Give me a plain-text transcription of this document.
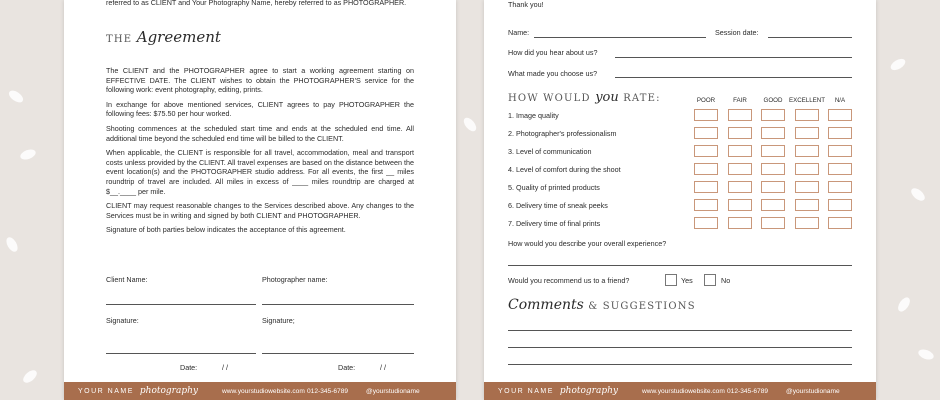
referred to as CLIENT and Your Photography Name, hereby referred to as PHOTOGRAPHER.
THE Agreement
The CLIENT and the PHOTOGRAPHER agree to start a working agreement starting on EFFECTIVE DATE. The CLIENT wishes to obtain the PHOTOGRAPHER'S service for the following work: event photography, editing, prints.
In exchange for above mentioned services, CLIENT agrees to pay PHOTOGRAPHER the following fees: $75.50 per hour worked.
Shooting commences at the scheduled start time and ends at the scheduled end time. All additional time beyond the scheduled end time will be billed to the CLIENT.
When applicable, the CLIENT is responsible for all travel, accommodation, meal and transport costs unless provided by the CLIENT. All travel expenses are based on the distance between the event location(s) and the PHOTOGRAPHER studio address. For all events, the first __ miles roundtrip of travel are included. All miles in excess of ____ miles roundtrip are charged at $__.____ per mile.
CLIENT may request reasonable changes to the Services described above. Any changes to the Services must be in writing and signed by both CLIENT and PHOTOGRAPHER.
Signature of both parties below indicates the acceptance of this agreement.
Client Name:	Photographer name:
Signature:	Signature;
Date:	/ /	Date:	/ /
YOUR NAME photography	www.yourstudiowebsite.com 012-345-6789	@yourstudioname
Thank you!
Name:	Session date:
How did you hear about us?
What made you choose us?
HOW WOULD you RATE:	POOR	FAIR	GOOD	EXCELLENT	N/A
1. Image quality
2. Photographer's professionalism
3. Level of communication
4. Level of comfort during the shoot
5. Quality of printed products
6. Delivery time of sneak peeks
7. Delivery time of final prints
How would you describe your overall experience?
Would you recommend us to a friend?	Yes	No
Comments & SUGGESTIONS
YOUR NAME photography	www.yourstudiowebsite.com 012-345-6789	@yourstudioname
